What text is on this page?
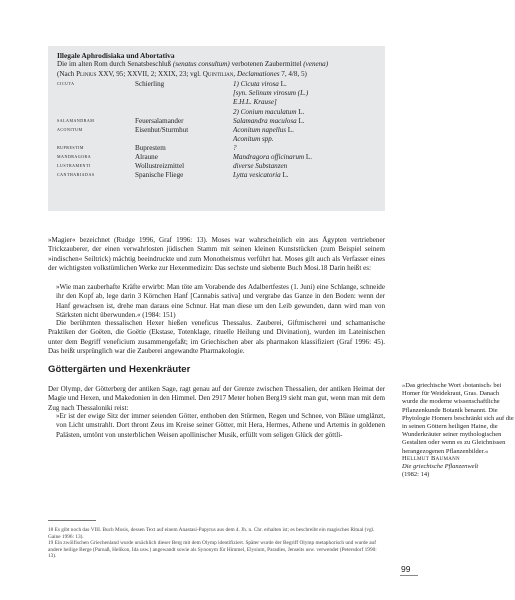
Illegale Aphrodisiaka und Abortativa
Die im alten Rom durch Senatsbeschluß (senatus consultum) verbotenen Zaubermittel (venena)
(Nach Plinius XXV, 95; XXVII, 2; XXIX, 23; vgl. Quintilian, Declamationes 7, 4/8, 5)
cicuta	Schierling	1) Cicuta virosa L.
		[syn. Selinum virosum (L.)
		E.H.L. Krause]
		2) Conium maculatum L.
salamandram	Feuersalamander	Salamandra maculosa L.
aconitum	Eisenhut/Sturmhut	Aconitum napellus L.
		Aconitum spp.
buprestim	Buprestem	?
mandragora	Alraune	Mandragora officinarum L.
lustramenti	Wollustreizmittel	diverse Substanzen
canthariadas	Spanische Fliege	Lytta vesicatoria L.

»Magier« bezeichnet (Rudge 1996, Graf 1996: 13). Moses war wahrscheinlich ein aus Ägypten vertriebener Trickzauberer, der einen verwahrlosten jüdischen Stamm mit seinen kleinen Kunststücken (zum Beispiel seinem »indischen« Seiltrick) mächtig beeindruckte und zum Monotheismus verführt hat. Moses gilt auch als Verfasser eines der wichtigsten volkstümlichen Werke zur Hexenmedizin: Das sechste und siebente Buch Mosi.18 Darin heißt es:

»Wie man zauberhafte Kräfte erwirbt: Man töte am Vorabende des Adalbertfestes (1. Juni) eine Schlange, schneide ihr den Kopf ab, lege darin 3 Körnchen Hanf [Cannabis sativa] und vergrabe das Ganze in den Boden: wenn der Hanf gewachsen ist, drehe man daraus eine Schnur. Hat man diese um den Leib gewunden, dann wird man von Stärksten nicht überwunden.« (1984: 151)

Die berühmten thessalischen Hexer hießen veneficus Thessalus. Zauberei, Giftmischerei und schamanische Praktiken der Goëten, die Goëtie (Ekstase, Totenklage, rituelle Heilung und Divination), wurden im Lateinischen unter dem Begriff veneficium zusammengefaßt; im Griechischen aber als pharmakon klassifiziert (Graf 1996: 45). Das heißt ursprünglich war die Zauberei angewandte Pharmakologie.

Göttergärten und Hexenkräuter

Der Olymp, der Götterberg der antiken Sage, ragt genau auf der Grenze zwischen Thessalien, der antiken Heimat der Magie und Hexen, und Makedonien in den Himmel. Den 2917 Meter hohen Berg19 sieht man gut, wenn man mit dem Zug nach Thessaloniki reist:

»Er ist der ewige Sitz der immer seienden Götter, enthoben den Stürmen, Regen und Schnee, von Bläue umglänzt, von Licht umstrahlt. Dort thront Zeus im Kreise seiner Götter, mit Hera, Hermes, Athene und Artemis in goldenen Palästen, umtönt von unsterblichen Weisen apollinischer Musik, erfüllt vom seligen Glück der göttli-

»Das griechische Wort ›botanisch‹ bei Homer für Weidekraut, Gras. Danach wurde die moderne wissenschaftliche Pflanzenkunde Botanik benannt. Die Phytologie Homers beschränkt sich auf die in seinen Göttern heiligen Haine, die Wunderkräuter seiner mythologischen Gestalten oder wenn es zu Gleichnissen herangezogenen Pflanzenbilder.«
Hellmut Baumann
Die griechische Pflanzenwelt
(1982: 14)

18 Es gibt noch das VIII. Buch Mosis, dessen Text auf einem Anastasi-Papyrus aus dem 4. Jh. n. Chr. erhalten ist; es beschreibt ein magisches Ritual (vgl. Gaine 1996: 13).

19 Ein zwölfischen Griechenland wurde ursächlich dieser Berg mit dem Olymp identifiziert. Später wurde der Begriff Olymp metaphorisch und wurde auf andere heilige Berge (Parnaß, Helikon, Ida usw.) angewandt sowie als Synonym für Himmel, Elysium, Paradies, Jenseits usw. verwendet (Petersdorf 1990: 13).

99
